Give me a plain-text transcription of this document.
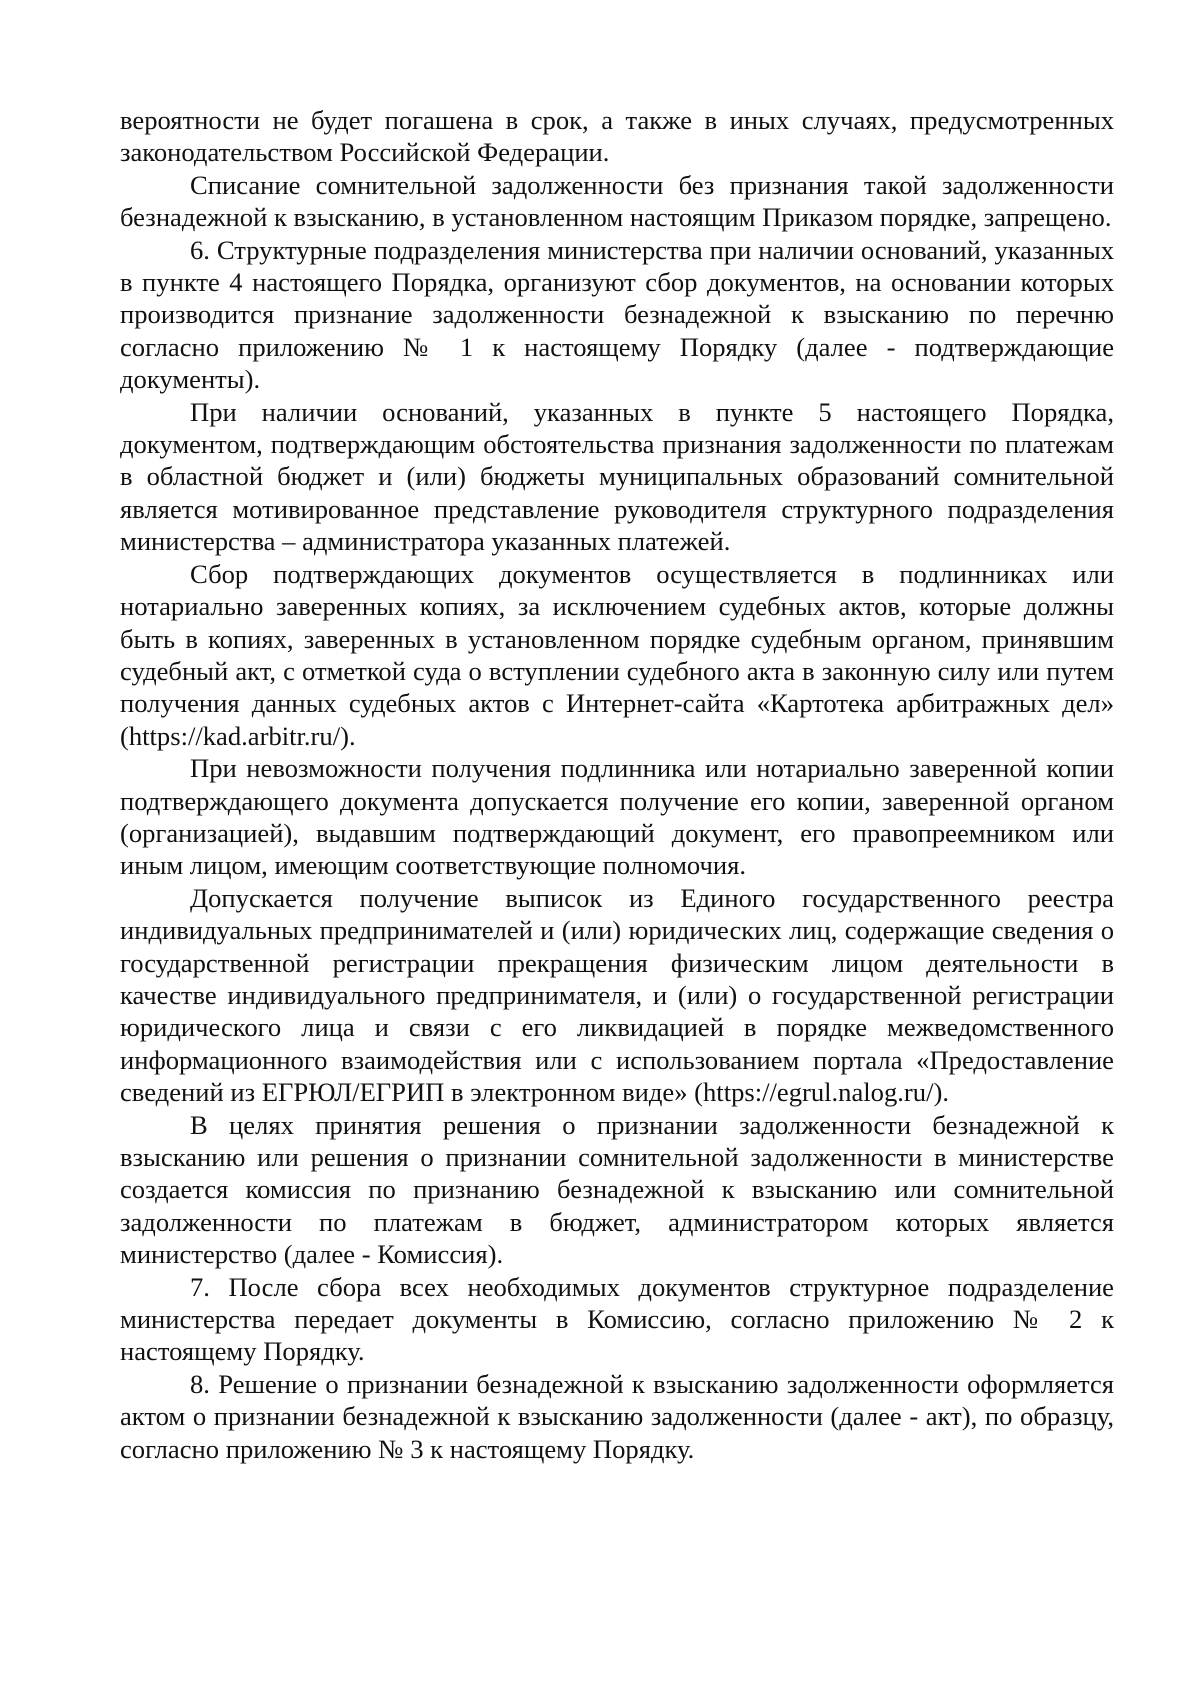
вероятности не будет погашена в срок, а также в иных случаях, предусмотренных законодательством Российской Федерации.

Списание сомнительной задолженности без признания такой задолженности безнадежной к взысканию, в установленном настоящим Приказом порядке, запрещено.

6. Структурные подразделения министерства при наличии оснований, указанных в пункте 4 настоящего Порядка, организуют сбор документов, на основании которых производится признание задолженности безнадежной к взысканию по перечню согласно приложению № 1 к настоящему Порядку (далее - подтверждающие документы).

При наличии оснований, указанных в пункте 5 настоящего Порядка, документом, подтверждающим обстоятельства признания задолженности по платежам в областной бюджет и (или) бюджеты муниципальных образований сомнительной является мотивированное представление руководителя структурного подразделения министерства – администратора указанных платежей.

Сбор подтверждающих документов осуществляется в подлинниках или нотариально заверенных копиях, за исключением судебных актов, которые должны быть в копиях, заверенных в установленном порядке судебным органом, принявшим судебный акт, с отметкой суда о вступлении судебного акта в законную силу или путем получения данных судебных актов с Интернет-сайта «Картотека арбитражных дел» (https://kad.arbitr.ru/).

При невозможности получения подлинника или нотариально заверенной копии подтверждающего документа допускается получение его копии, заверенной органом (организацией), выдавшим подтверждающий документ, его правопреемником или иным лицом, имеющим соответствующие полномочия.

Допускается получение выписок из Единого государственного реестра индивидуальных предпринимателей и (или) юридических лиц, содержащие сведения о государственной регистрации прекращения физическим лицом деятельности в качестве индивидуального предпринимателя, и (или) о государственной регистрации юридического лица и связи с его ликвидацией в порядке межведомственного информационного взаимодействия или с использованием портала «Предоставление сведений из ЕГРЮЛ/ЕГРИП в электронном виде» (https://egrul.nalog.ru/).

В целях принятия решения о признании задолженности безнадежной к взысканию или решения о признании сомнительной задолженности в министерстве создается комиссия по признанию безнадежной к взысканию или сомнительной задолженности по платежам в бюджет, администратором которых является министерство (далее - Комиссия).

7. После сбора всех необходимых документов структурное подразделение министерства передает документы в Комиссию, согласно приложению № 2 к настоящему Порядку.

8. Решение о признании безнадежной к взысканию задолженности оформляется актом о признании безнадежной к взысканию задолженности (далее - акт), по образцу, согласно приложению № 3 к настоящему Порядку.
